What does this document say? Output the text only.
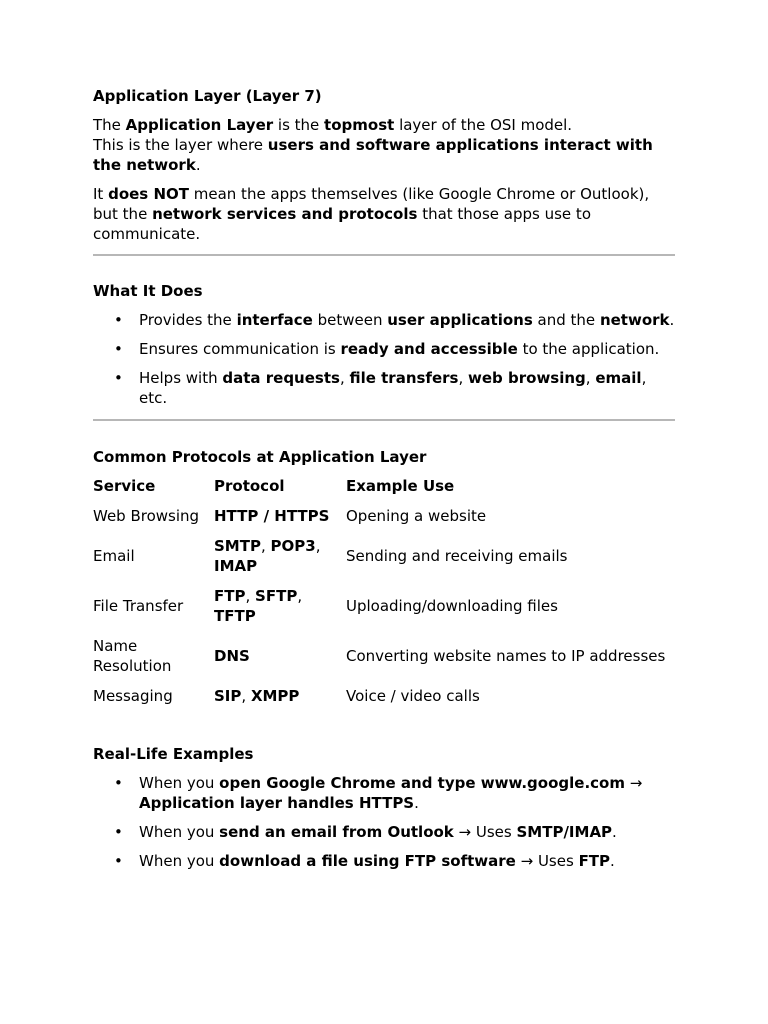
Application Layer (Layer 7)

The Application Layer is the topmost layer of the OSI model.
This is the layer where users and software applications interact with the network.

It does NOT mean the apps themselves (like Google Chrome or Outlook), but the network services and protocols that those apps use to communicate.

What It Does

• Provides the interface between user applications and the network.
• Ensures communication is ready and accessible to the application.
• Helps with data requests, file transfers, web browsing, email, etc.

Common Protocols at Application Layer

Service	Protocol	Example Use
Web Browsing	HTTP / HTTPS	Opening a website
Email	SMTP, POP3, IMAP	Sending and receiving emails
File Transfer	FTP, SFTP, TFTP	Uploading/downloading files
Name Resolution	DNS	Converting website names to IP addresses
Messaging	SIP, XMPP	Voice / video calls

Real-Life Examples

• When you open Google Chrome and type www.google.com → Application layer handles HTTPS.
• When you send an email from Outlook → Uses SMTP/IMAP.
• When you download a file using FTP software → Uses FTP.
